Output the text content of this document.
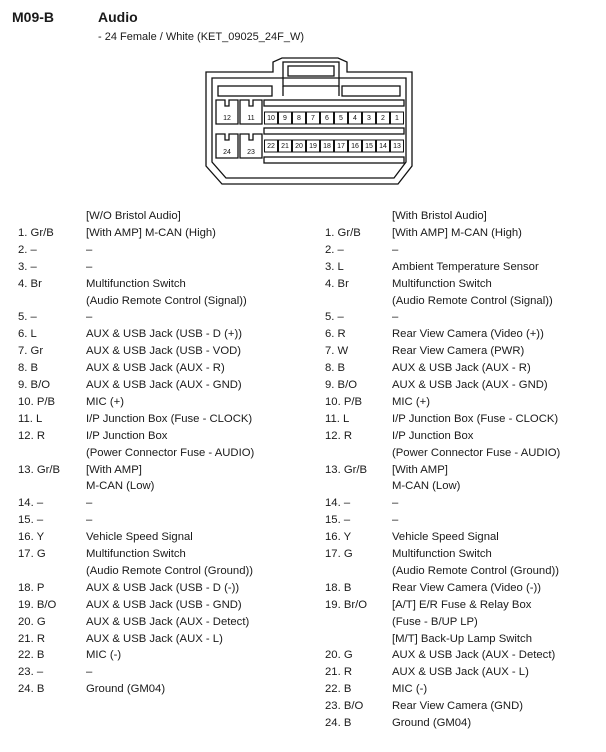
M09-B	Audio
- 24 Female / White (KET_09025_24F_W)
12 11 10 9 8 7 6 5 4 3 2 1
24 23
22 21 20 19 18 17 16 15 14 13
[W/O Bristol Audio]
1. Gr/B	[With AMP] M-CAN (High)
2. –	–
3. –	–
4. Br	Multifunction Switch
(Audio Remote Control (Signal))
5. –	–
6. L	AUX & USB Jack (USB - D (+))
7. Gr	AUX & USB Jack (USB - VOD)
8. B	AUX & USB Jack (AUX - R)
9. B/O	AUX & USB Jack (AUX - GND)
10. P/B	MIC (+)
11. L	I/P Junction Box (Fuse - CLOCK)
12. R	I/P Junction Box
(Power Connector Fuse - AUDIO)
13. Gr/B [With AMP]
M-CAN (Low)
14. –	–
15. –	–
16. Y	Vehicle Speed Signal
17. G	Multifunction Switch
(Audio Remote Control (Ground))
18. P	AUX & USB Jack (USB - D (-))
19. B/O	AUX & USB Jack (USB - GND)
20. G	AUX & USB Jack (AUX - Detect)
21. R	AUX & USB Jack (AUX - L)
22. B	MIC (-)
23. –	–
24. B	Ground (GM04)
[With Bristol Audio]
1. Gr/B	[With AMP] M-CAN (High)
2. –	–
3. L	Ambient Temperature Sensor
4. Br	Multifunction Switch
(Audio Remote Control (Signal))
5. –	–
6. R	Rear View Camera (Video (+))
7. W	Rear View Camera (PWR)
8. B	AUX & USB Jack (AUX - R)
9. B/O	AUX & USB Jack (AUX - GND)
10. P/B	MIC (+)
11. L	I/P Junction Box (Fuse - CLOCK)
12. R	I/P Junction Box
(Power Connector Fuse - AUDIO)
13. Gr/B [With AMP]
M-CAN (Low)
14. –	–
15. –	–
16. Y	Vehicle Speed Signal
17. G	Multifunction Switch
(Audio Remote Control (Ground))
18. B	Rear View Camera (Video (-))
19. Br/O [A/T] E/R Fuse & Relay Box
(Fuse - B/UP LP)
[M/T] Back-Up Lamp Switch
20. G	AUX & USB Jack (AUX - Detect)
21. R	AUX & USB Jack (AUX - L)
22. B	MIC (-)
23. B/O	Rear View Camera (GND)
24. B	Ground (GM04)
